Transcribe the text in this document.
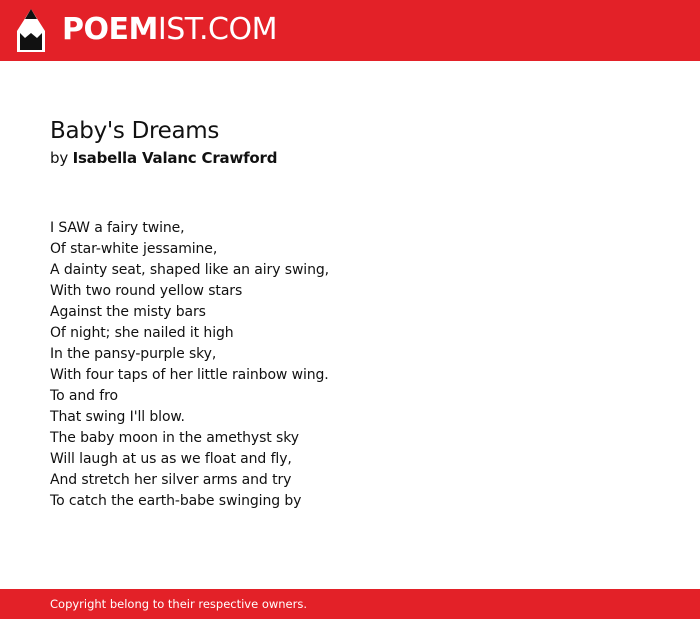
POEMIST.COM
Baby's Dreams
by Isabella Valanc Crawford
I SAW a fairy twine,
Of star-white jessamine,
A dainty seat, shaped like an airy swing,
With two round yellow stars
Against the misty bars
Of night; she nailed it high
In the pansy-purple sky,
With four taps of her little rainbow wing.
To and fro
That swing I'll blow.
The baby moon in the amethyst sky
Will laugh at us as we float and fly,
And stretch her silver arms and try
To catch the earth-babe swinging by
Copyright belong to their respective owners.
